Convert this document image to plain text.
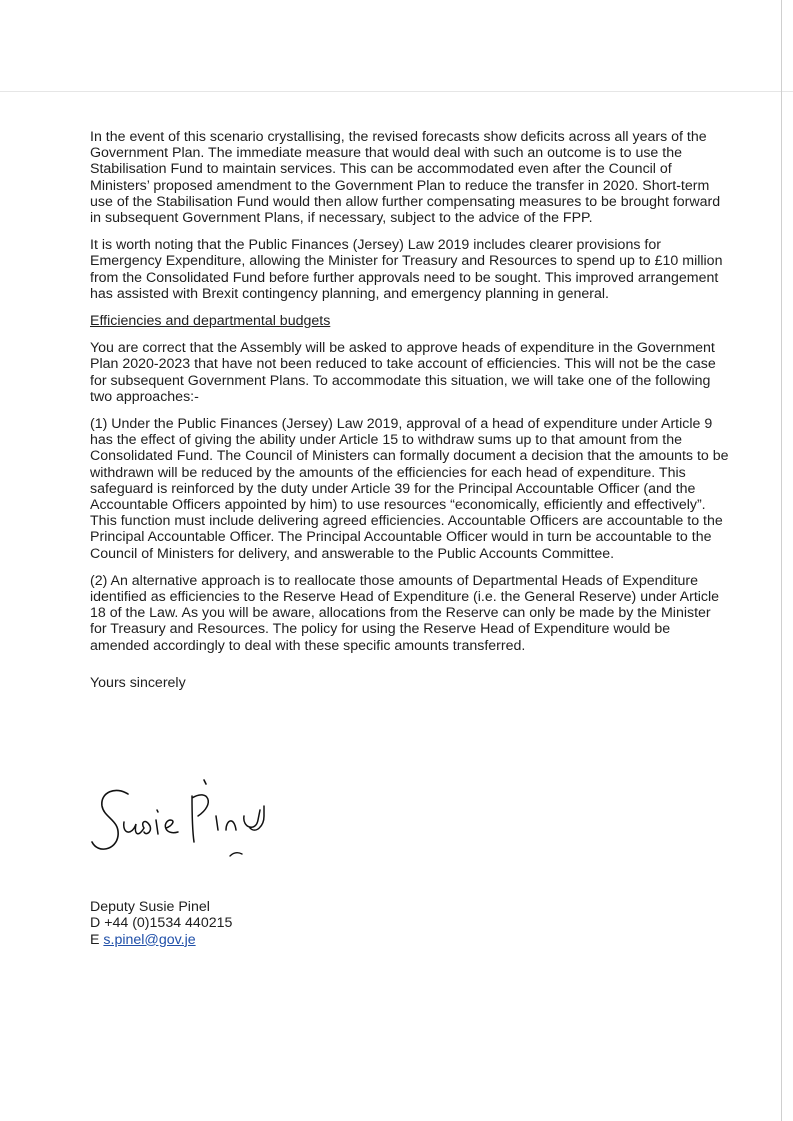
In the event of this scenario crystallising, the revised forecasts show deficits across all years of the Government Plan. The immediate measure that would deal with such an outcome is to use the Stabilisation Fund to maintain services. This can be accommodated even after the Council of Ministers’ proposed amendment to the Government Plan to reduce the transfer in 2020. Short-term use of the Stabilisation Fund would then allow further compensating measures to be brought forward in subsequent Government Plans, if necessary, subject to the advice of the FPP.

It is worth noting that the Public Finances (Jersey) Law 2019 includes clearer provisions for Emergency Expenditure, allowing the Minister for Treasury and Resources to spend up to £10 million from the Consolidated Fund before further approvals need to be sought. This improved arrangement has assisted with Brexit contingency planning, and emergency planning in general.

Efficiencies and departmental budgets

You are correct that the Assembly will be asked to approve heads of expenditure in the Government Plan 2020-2023 that have not been reduced to take account of efficiencies. This will not be the case for subsequent Government Plans. To accommodate this situation, we will take one of the following two approaches:-

(1) Under the Public Finances (Jersey) Law 2019, approval of a head of expenditure under Article 9 has the effect of giving the ability under Article 15 to withdraw sums up to that amount from the Consolidated Fund. The Council of Ministers can formally document a decision that the amounts to be withdrawn will be reduced by the amounts of the efficiencies for each head of expenditure. This safeguard is reinforced by the duty under Article 39 for the Principal Accountable Officer (and the Accountable Officers appointed by him) to use resources “economically, efficiently and effectively”. This function must include delivering agreed efficiencies. Accountable Officers are accountable to the Principal Accountable Officer. The Principal Accountable Officer would in turn be accountable to the Council of Ministers for delivery, and answerable to the Public Accounts Committee.

(2) An alternative approach is to reallocate those amounts of Departmental Heads of Expenditure identified as efficiencies to the Reserve Head of Expenditure (i.e. the General Reserve) under Article 18 of the Law. As you will be aware, allocations from the Reserve can only be made by the Minister for Treasury and Resources. The policy for using the Reserve Head of Expenditure would be amended accordingly to deal with these specific amounts transferred.

Yours sincerely

Deputy Susie Pinel
D +44 (0)1534 440215
E s.pinel@gov.je
